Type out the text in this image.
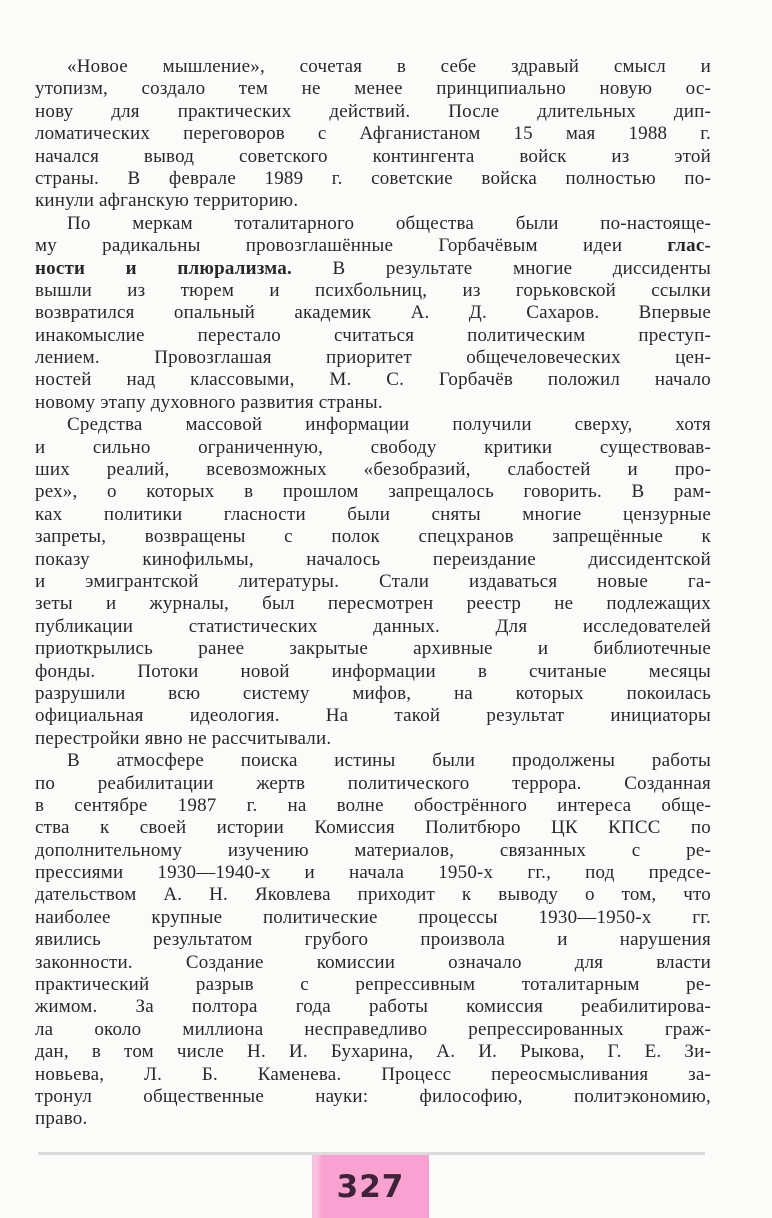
«Новое мышление», сочетая в себе здравый смысл и
утопизм, создало тем не менее принципиально новую ос-
нову для практических действий. После длительных дип-
ломатических переговоров с Афганистаном 15 мая 1988 г.
начался вывод советского контингента войск из этой
страны. В феврале 1989 г. советские войска полностью по-
кинули афганскую территорию.
По меркам тоталитарного общества были по-настояще-
му радикальны провозглашённые Горбачёвым идеи глас-
ности и плюрализма. В результате многие диссиденты
вышли из тюрем и психбольниц, из горьковской ссылки
возвратился опальный академик А. Д. Сахаров. Впервые
инакомыслие перестало считаться политическим преступ-
лением. Провозглашая приоритет общечеловеческих цен-
ностей над классовыми, М. С. Горбачёв положил начало
новому этапу духовного развития страны.
Средства массовой информации получили сверху, хотя
и сильно ограниченную, свободу критики существовав-
ших реалий, всевозможных «безобразий, слабостей и про-
рех», о которых в прошлом запрещалось говорить. В рам-
ках политики гласности были сняты многие цензурные
запреты, возвращены с полок спецхранов запрещённые к
показу кинофильмы, началось переиздание диссидентской
и эмигрантской литературы. Стали издаваться новые га-
зеты и журналы, был пересмотрен реестр не подлежащих
публикации статистических данных. Для исследователей
приоткрылись ранее закрытые архивные и библиотечные
фонды. Потоки новой информации в считаные месяцы
разрушили всю систему мифов, на которых покоилась
официальная идеология. На такой результат инициаторы
перестройки явно не рассчитывали.
В атмосфере поиска истины были продолжены работы
по реабилитации жертв политического террора. Созданная
в сентябре 1987 г. на волне обострённого интереса обще-
ства к своей истории Комиссия Политбюро ЦК КПСС по
дополнительному изучению материалов, связанных с ре-
прессиями 1930—1940-х и начала 1950-х гг., под предсе-
дательством А. Н. Яковлева приходит к выводу о том, что
наиболее крупные политические процессы 1930—1950-х гг.
явились результатом грубого произвола и нарушения
законности. Создание комиссии означало для власти
практический разрыв с репрессивным тоталитарным ре-
жимом. За полтора года работы комиссия реабилитирова-
ла около миллиона несправедливо репрессированных граж-
дан, в том числе Н. И. Бухарина, А. И. Рыкова, Г. Е. Зи-
новьева, Л. Б. Каменева. Процесс переосмысливания за-
тронул общественные науки: философию, политэкономию,
право.
327
